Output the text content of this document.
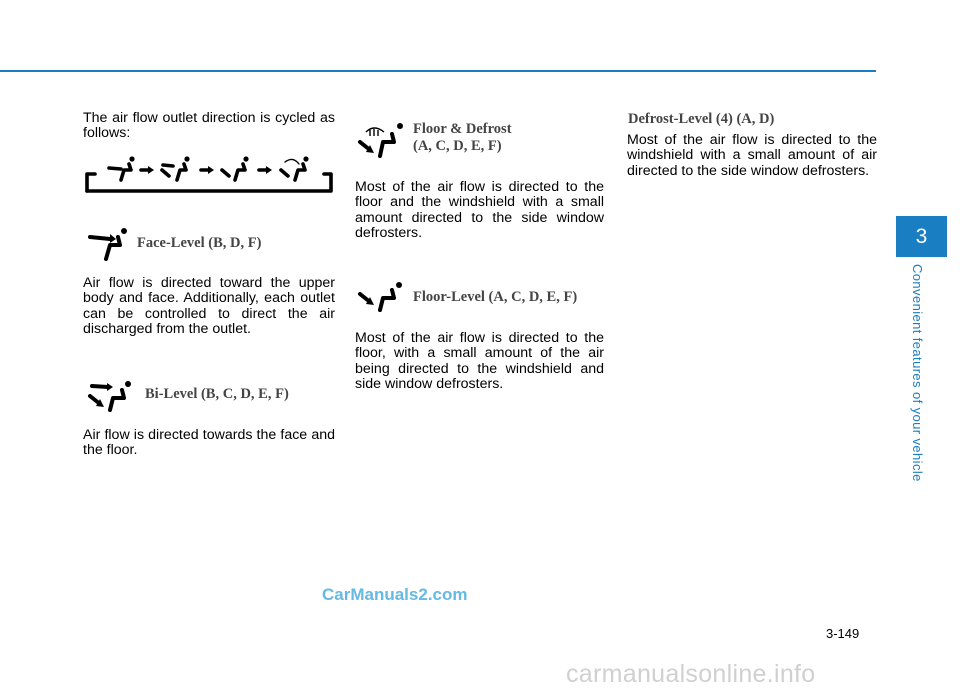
The air flow outlet direction is cycled as follows:
Face-Level (B, D, F)
Air flow is directed toward the upper body and face. Additionally, each outlet can be controlled to direct the air discharged from the outlet.
Bi-Level (B, C, D, E, F)
Air flow is directed towards the face and the floor.
Floor & Defrost
(A, C, D, E, F)
Most of the air flow is directed to the floor and the windshield with a small amount directed to the side window defrosters.
Floor-Level (A, C, D, E, F)
Most of the air flow is directed to the floor, with a small amount of the air being directed to the windshield and side window defrosters.
Defrost-Level (4) (A, D)
Most of the air flow is directed to the windshield with a small amount of air directed to the side window defrosters.
3
Convenient features of your vehicle
3-149
CarManuals2.com
carmanualsonline.info
